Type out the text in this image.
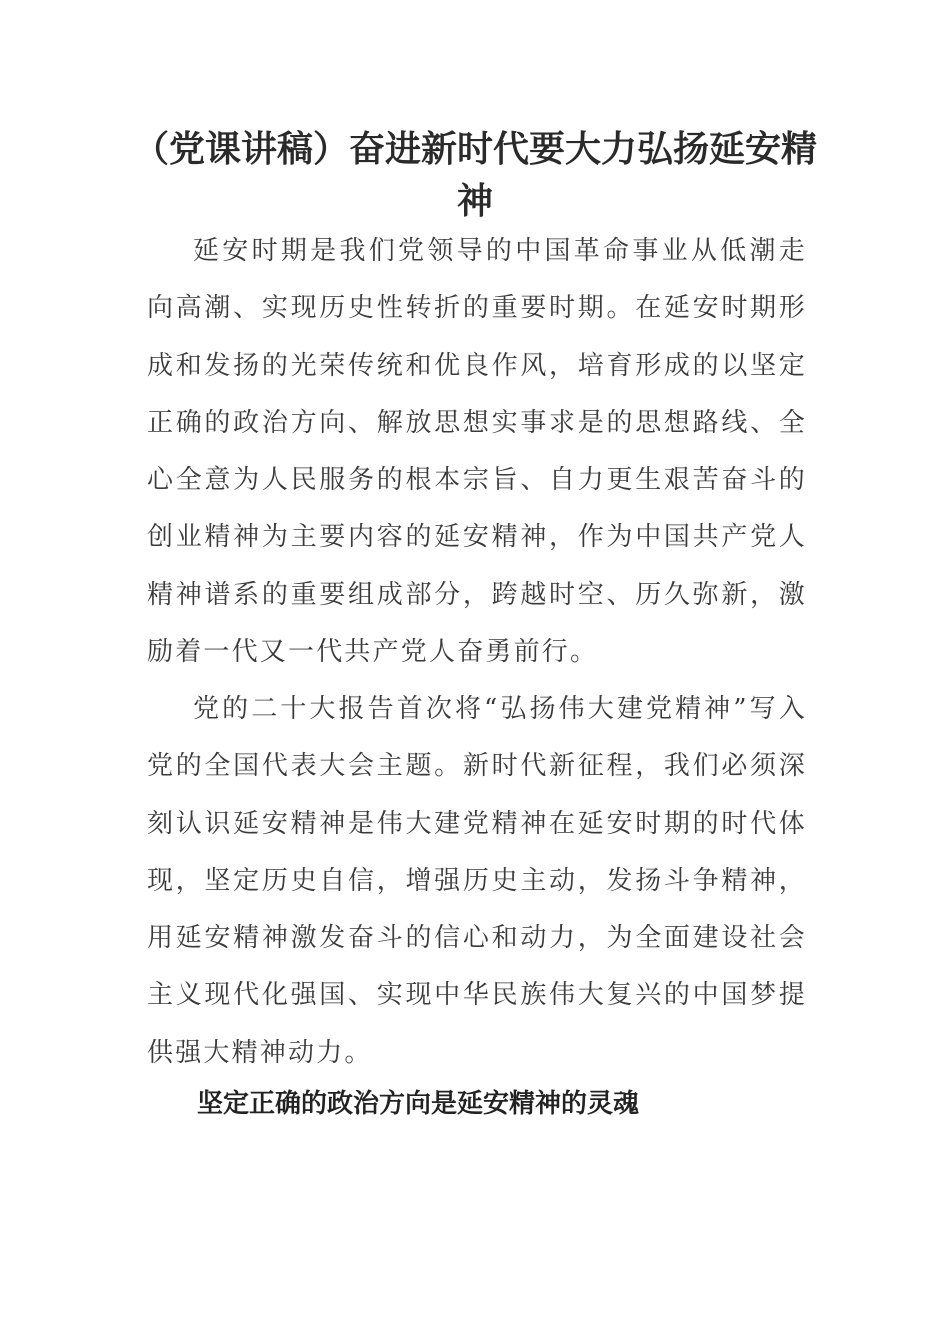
（党课讲稿）奋进新时代要大力弘扬延安精神

延安时期是我们党领导的中国革命事业从低潮走向高潮、实现历史性转折的重要时期。在延安时期形成和发扬的光荣传统和优良作风，培育形成的以坚定正确的政治方向、解放思想实事求是的思想路线、全心全意为人民服务的根本宗旨、自力更生艰苦奋斗的创业精神为主要内容的延安精神，作为中国共产党人精神谱系的重要组成部分，跨越时空、历久弥新，激励着一代又一代共产党人奋勇前行。

党的二十大报告首次将“弘扬伟大建党精神”写入党的全国代表大会主题。新时代新征程，我们必须深刻认识延安精神是伟大建党精神在延安时期的时代体现，坚定历史自信，增强历史主动，发扬斗争精神，用延安精神激发奋斗的信心和动力，为全面建设社会主义现代化强国、实现中华民族伟大复兴的中国梦提供强大精神动力。

坚定正确的政治方向是延安精神的灵魂
